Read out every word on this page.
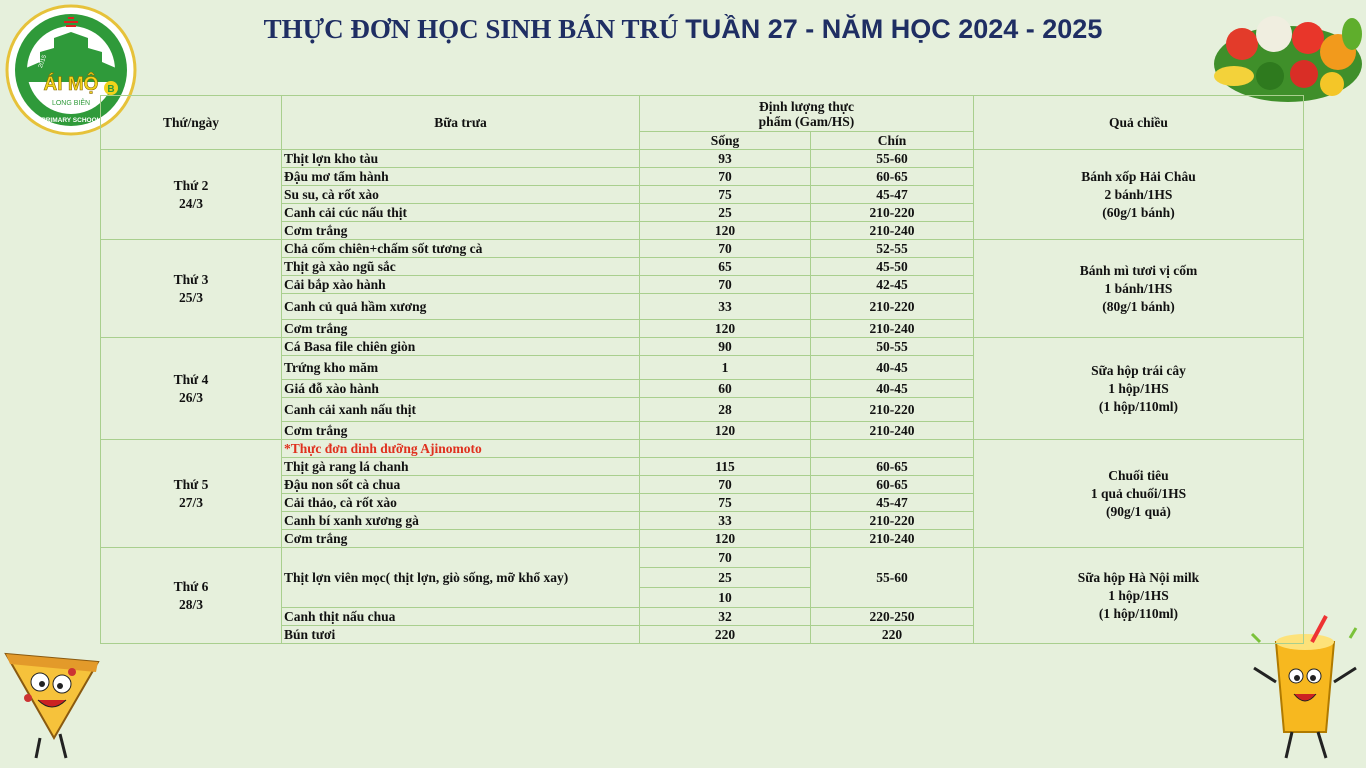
THỰC ĐƠN HỌC SINH BÁN TRÚ TUẦN 27 - NĂM HỌC 2024 - 2025
ÁI MỘ B
LONG BIÊN
PRIMARY SCHOOL
2015
Thứ/ngày	Bữa trưa	Định lượng thực phẩm (Gam/HS)		Quả chiều
		Sống	Chín	
Thứ 2
24/3	Thịt lợn kho tàu	93	55-60	Bánh xốp Hải Châu
2 bánh/1HS
(60g/1 bánh)
	Đậu mơ tẩm hành	70	60-65	
	Su su, cà rốt xào	75	45-47	
	Canh cải cúc nấu thịt	25	210-220	
	Cơm trắng	120	210-240	
Thứ 3
25/3	Chả cốm chiên+chấm sốt tương cà	70	52-55	Bánh mì tươi vị cốm
1 bánh/1HS
(80g/1 bánh)
	Thịt gà xào ngũ sắc	65	45-50	
	Cải bắp xào hành	70	42-45	
	Canh củ quả hầm xương	33	210-220	
	Cơm trắng	120	210-240	
Thứ 4
26/3	Cá Basa file chiên giòn	90	50-55	Sữa hộp trái cây
1 hộp/1HS
(1 hộp/110ml)
	Trứng kho măm	1	40-45	
	Giá đỗ xào hành	60	40-45	
	Canh cải xanh nấu thịt	28	210-220	
	Cơm trắng	120	210-240	
Thứ 5
27/3	*Thực đơn dinh dưỡng Ajinomoto			Chuối tiêu
1 quả chuối/1HS
(90g/1 quả)
	Thịt gà rang lá chanh	115	60-65	
	Đậu non sốt cà chua	70	60-65	
	Cải thảo, cà rốt xào	75	45-47	
	Canh bí xanh xương gà	33	210-220	
	Cơm trắng	120	210-240	
Thứ 6
28/3	Thịt lợn viên mọc( thịt lợn, giò sống, mỡ khổ xay)	70	55-60	Sữa hộp Hà Nội milk
1 hộp/1HS
(1 hộp/110ml)
		25		
		10		
	Canh thịt nấu chua	32	220-250	
	Bún tươi	220	220	
